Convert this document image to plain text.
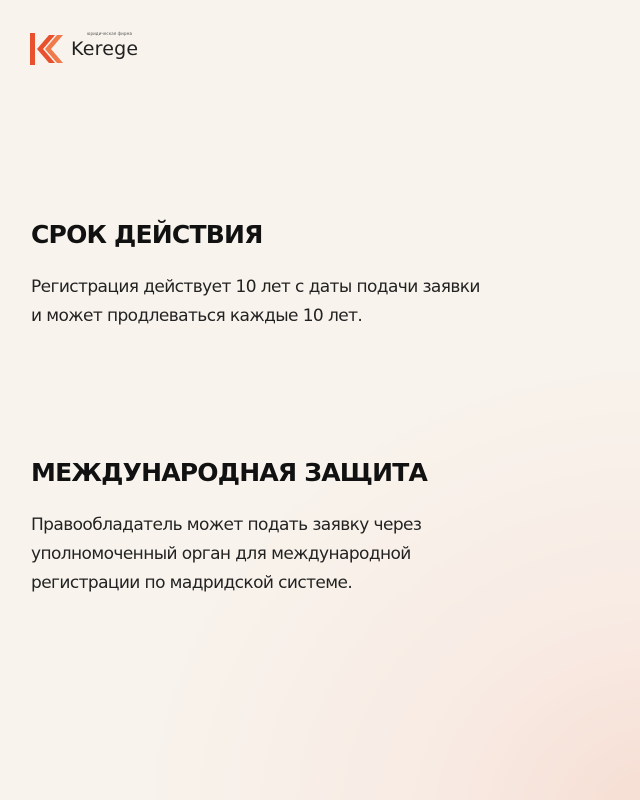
юридическая фирма
Kerege
СРОК ДЕЙСТВИЯ

Регистрация действует 10 лет с даты подачи заявки
и может продлеваться каждые 10 лет.

МЕЖДУНАРОДНАЯ ЗАЩИТА

Правообладатель может подать заявку через
уполномоченный орган для международной
регистрации по мадридской системе.
